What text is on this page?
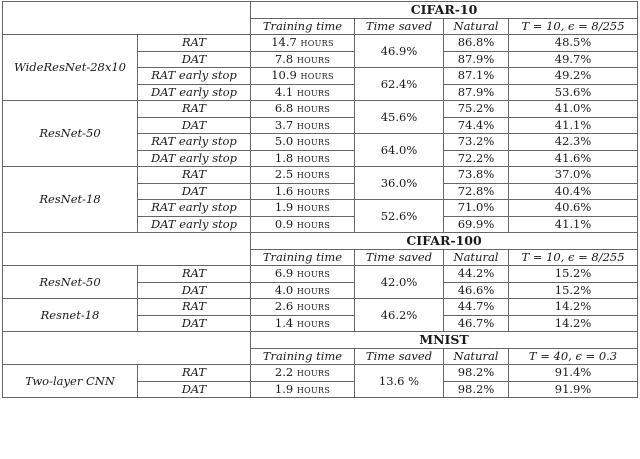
		CIFAR-10			
		Training time	Time saved	Natural	T = 10, ϵ = 8/255
WideResNet-28x10	RAT	14.7 hours	46.9%	86.8%	48.5%
	DAT	7.8 hours		87.9%	49.7%
	RAT early stop	10.9 hours	62.4%	87.1%	49.2%
	DAT early stop	4.1 hours		87.9%	53.6%
ResNet-50	RAT	6.8 hours	45.6%	75.2%	41.0%
	DAT	3.7 hours		74.4%	41.1%
	RAT early stop	5.0 hours	64.0%	73.2%	42.3%
	DAT early stop	1.8 hours		72.2%	41.6%
ResNet-18	RAT	2.5 hours	36.0%	73.8%	37.0%
	DAT	1.6 hours		72.8%	40.4%
	RAT early stop	1.9 hours	52.6%	71.0%	40.6%
	DAT early stop	0.9 hours		69.9%	41.1%
		CIFAR-100			
		Training time	Time saved	Natural	T = 10, ϵ = 8/255
ResNet-50	RAT	6.9 hours	42.0%	44.2%	15.2%
	DAT	4.0 hours		46.6%	15.2%
Resnet-18	RAT	2.6 hours	46.2%	44.7%	14.2%
	DAT	1.4 hours		46.7%	14.2%
		MNIST			
		Training time	Time saved	Natural	T = 40, ϵ = 0.3
Two-layer CNN	RAT	2.2 hours	13.6 %	98.2%	91.4%
	DAT	1.9 hours		98.2%	91.9%
